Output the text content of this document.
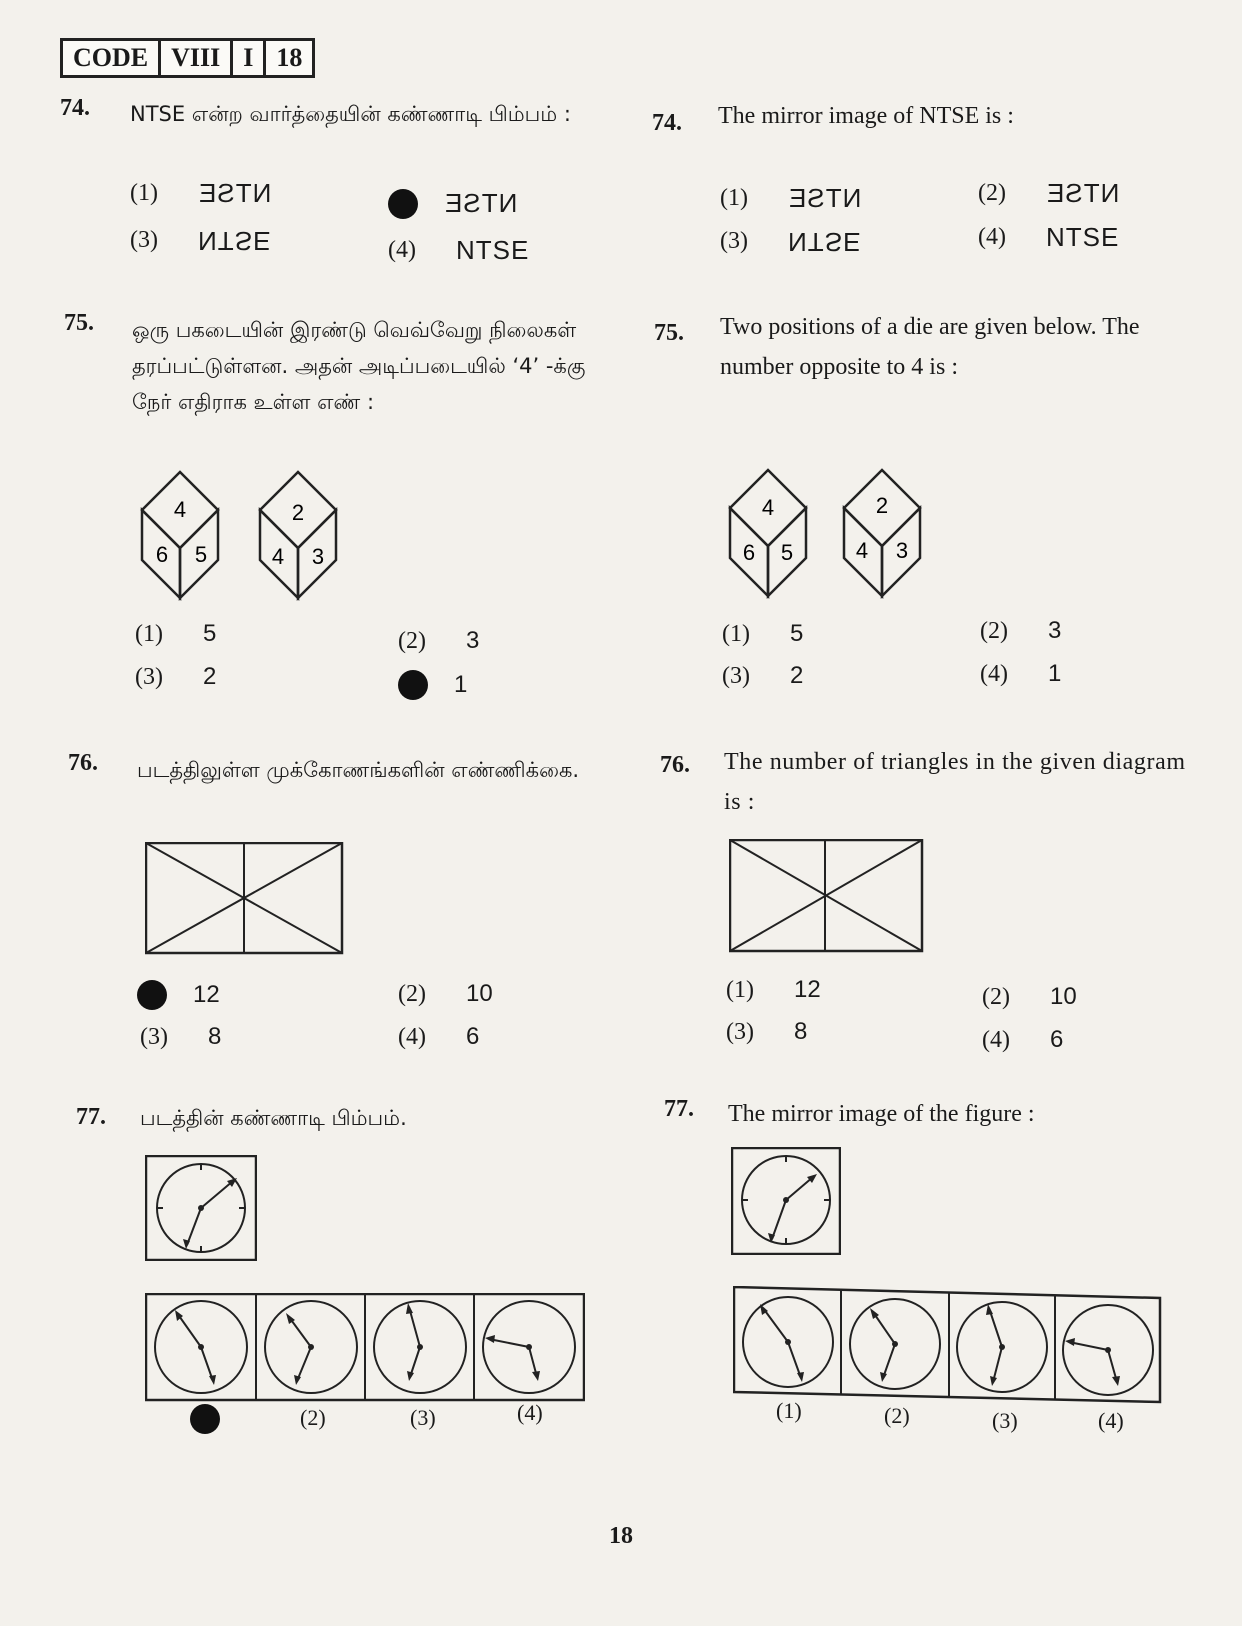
CODE VIII I 18
74. NTSE என்ற வார்த்தையின் கண்ணாடி பிம்பம் :
(1)	NTSE	NTSE
(3)	NTSE	(4)	NTSE
75. ஒரு பகடையின் இரண்டு வெவ்வேறு நிலைகள் தரப்பட்டுள்ளன. அதன் அடிப்படையில் ‘4’ -க்கு நேர் எதிராக உள்ள எண் :
4
6 5
2
4 3
(1)	5	(2)	3
(3)	2	1
76. படத்திலுள்ள முக்கோணங்களின் எண்ணிக்கை.
12	(2)	10
(3)	8	(4)	6
77. படத்தின் கண்ணாடி பிம்பம்.
(2)	(3)	(4)
74. The mirror image of NTSE is :
(1)	NTSE	(2)	NTSE
(3)	NTSE	(4)	NTSE
75. Two positions of a die are given below. The number opposite to 4 is :
4
6 5
2
4 3
(1)	5	(2)	3
(3)	2	(4)	1
76. The number of triangles in the given diagram is :
(1)	12	(2)	10
(3)	8	(4)	6
77. The mirror image of the figure :
(1)	(2)	(3)	(4)
18
